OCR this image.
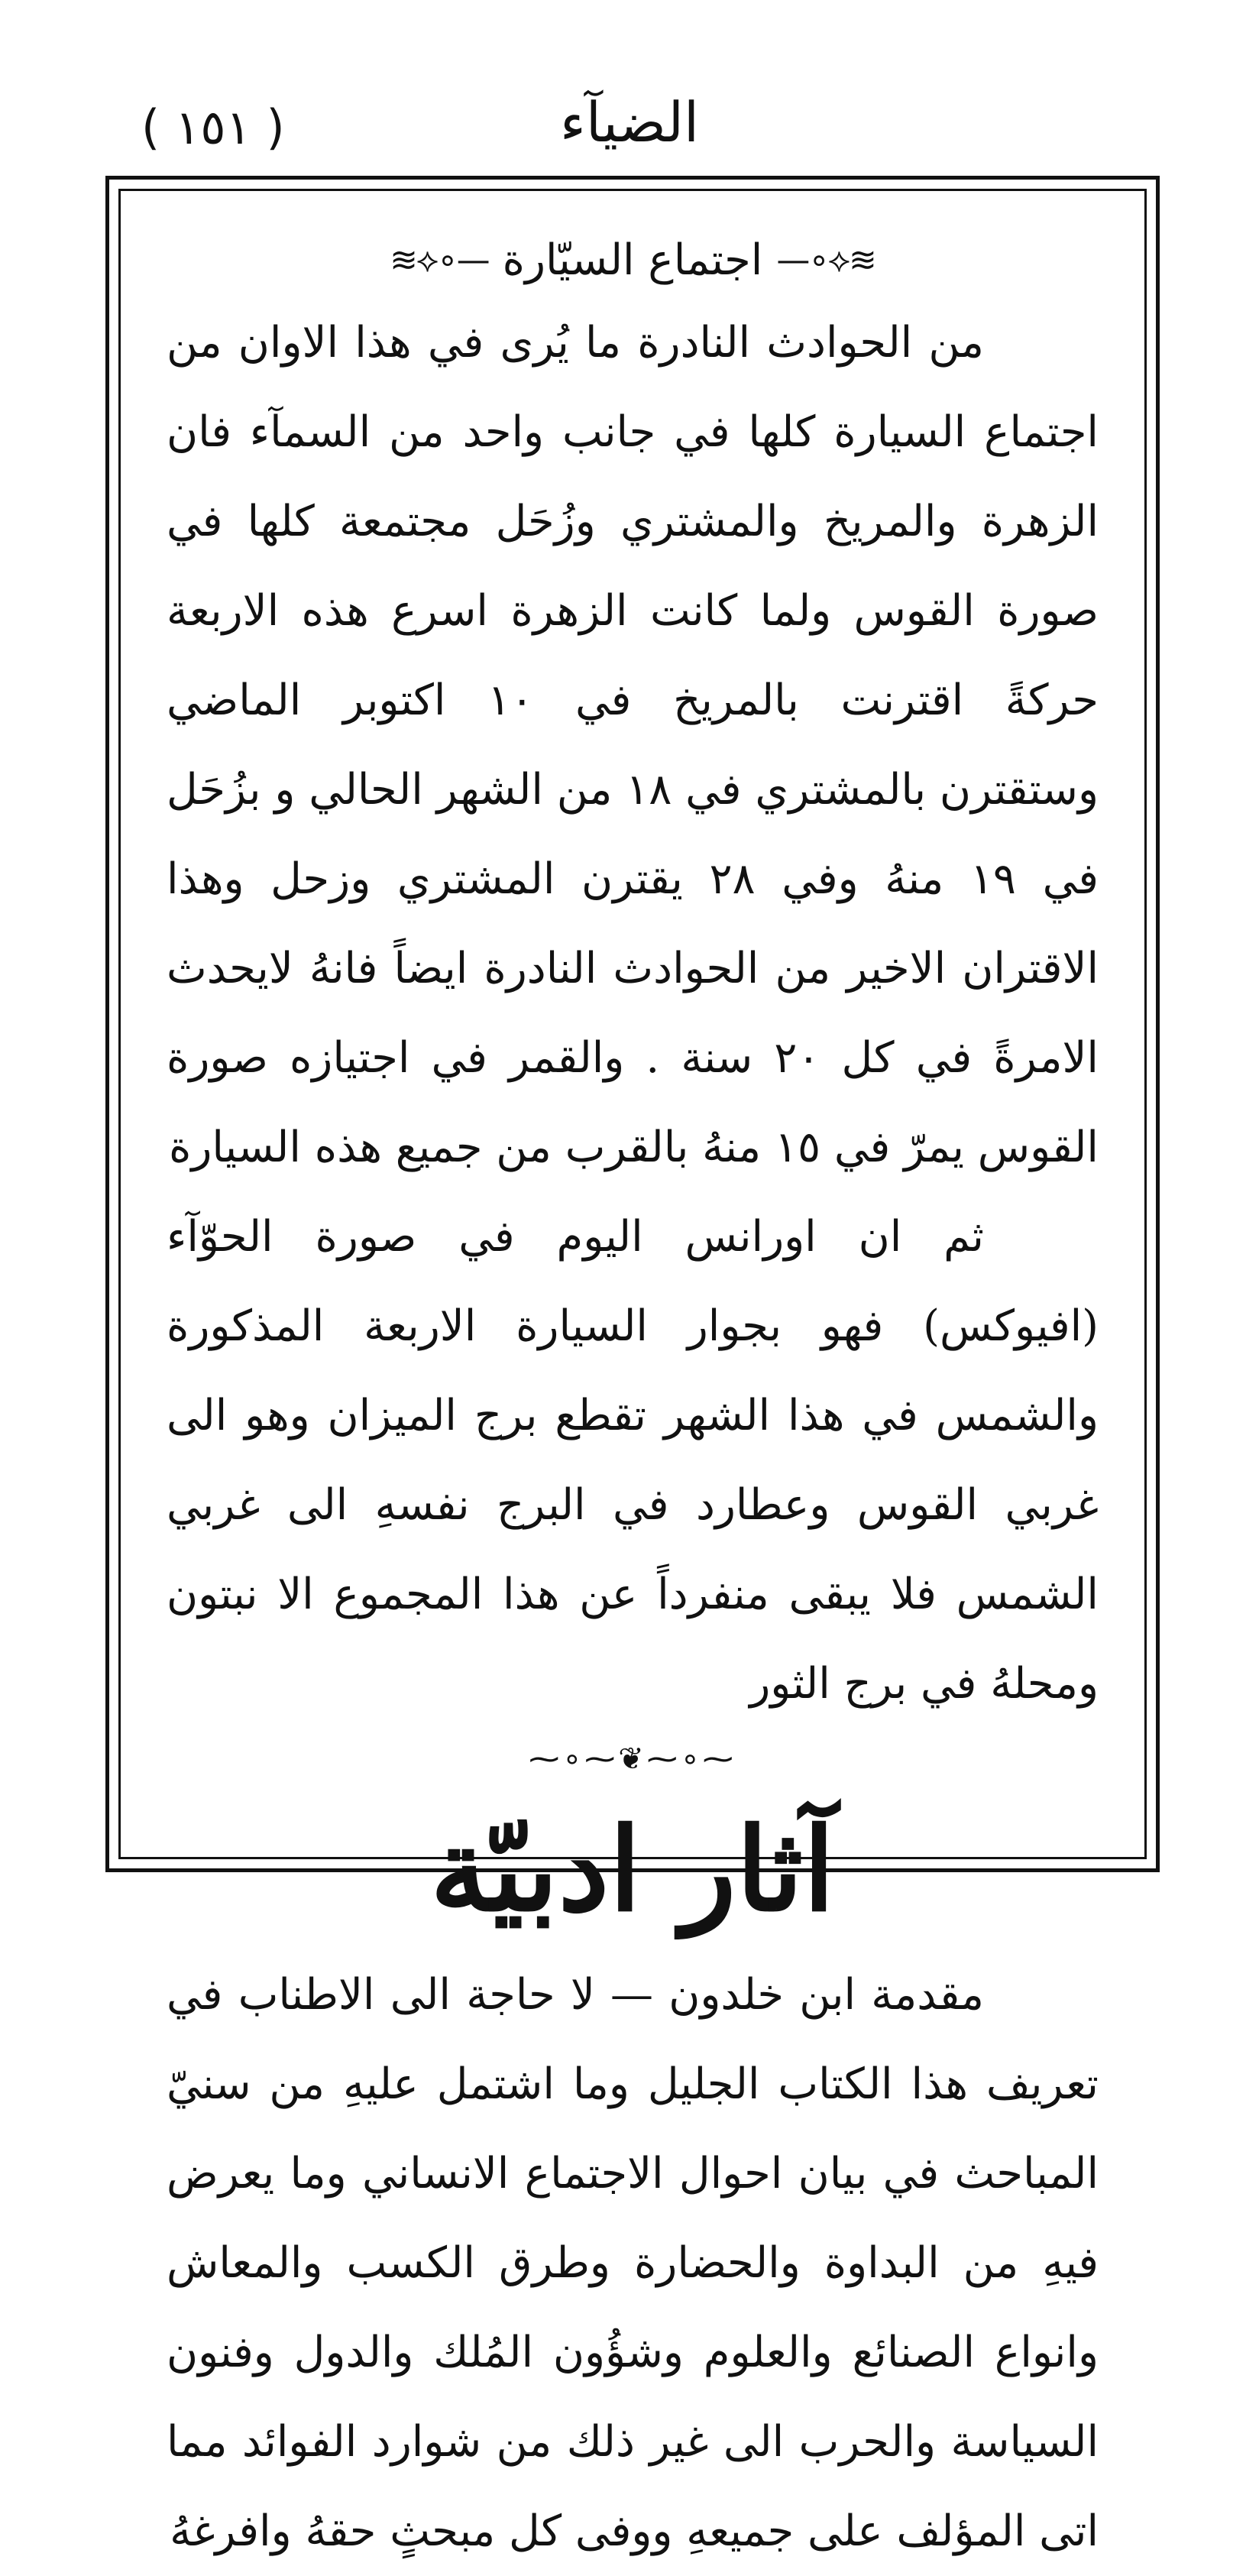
( ١٥١ )	الضيآء
≋⟡∘—
اجتماع السيّارة
—∘⟡≋

من الحوادث النادرة ما يُرى في هذا الاوان من اجتماع السيارة كلها في جانب واحد من السمآء فان الزهرة والمريخ والمشتري وزُحَل مجتمعة كلها في صورة القوس ولما كانت الزهرة اسرع هذه الاربعة حركةً اقترنت بالمريخ في ١٠ اكتوبر الماضي وستقترن بالمشتري في ١٨ من الشهر الحالي و بزُحَل في ١٩ منهُ وفي ٢٨ يقترن المشتري وزحل وهذا الاقتران الاخير من الحوادث النادرة ايضاً فانهُ لايحدث الامرةً في كل ٢٠ سنة . والقمر في اجتيازه صورة القوس يمرّ في ١٥ منهُ بالقرب من جميع هذه السيارة

ثم ان اورانس اليوم في صورة الحوّآء (افيوكس) فهو بجوار السيارة الاربعة المذكورة والشمس في هذا الشهر تقطع برج الميزان وهو الى غربي القوس وعطارد في البرج نفسهِ الى غربي الشمس فلا يبقى منفرداً عن هذا المجموع الا نبتون ومحلهُ في برج الثور

⁓∘⁓❦⁓∘⁓
آثار ادبيّة

مقدمة ابن خلدون — لا حاجة الى الاطناب في تعريف هذا الكتاب الجليل وما اشتمل عليهِ من سنيّ المباحث في بيان احوال الاجتماع الانساني وما يعرض فيهِ من البداوة والحضارة وطرق الكسب والمعاش وانواع الصنائع والعلوم وشؤُون المُلك والدول وفنون السياسة والحرب الى غير ذلك من شوارد الفوائد مما اتى المؤلف على جميعهِ ووفى كل مبحثٍ حقهُ وافرغهُ
